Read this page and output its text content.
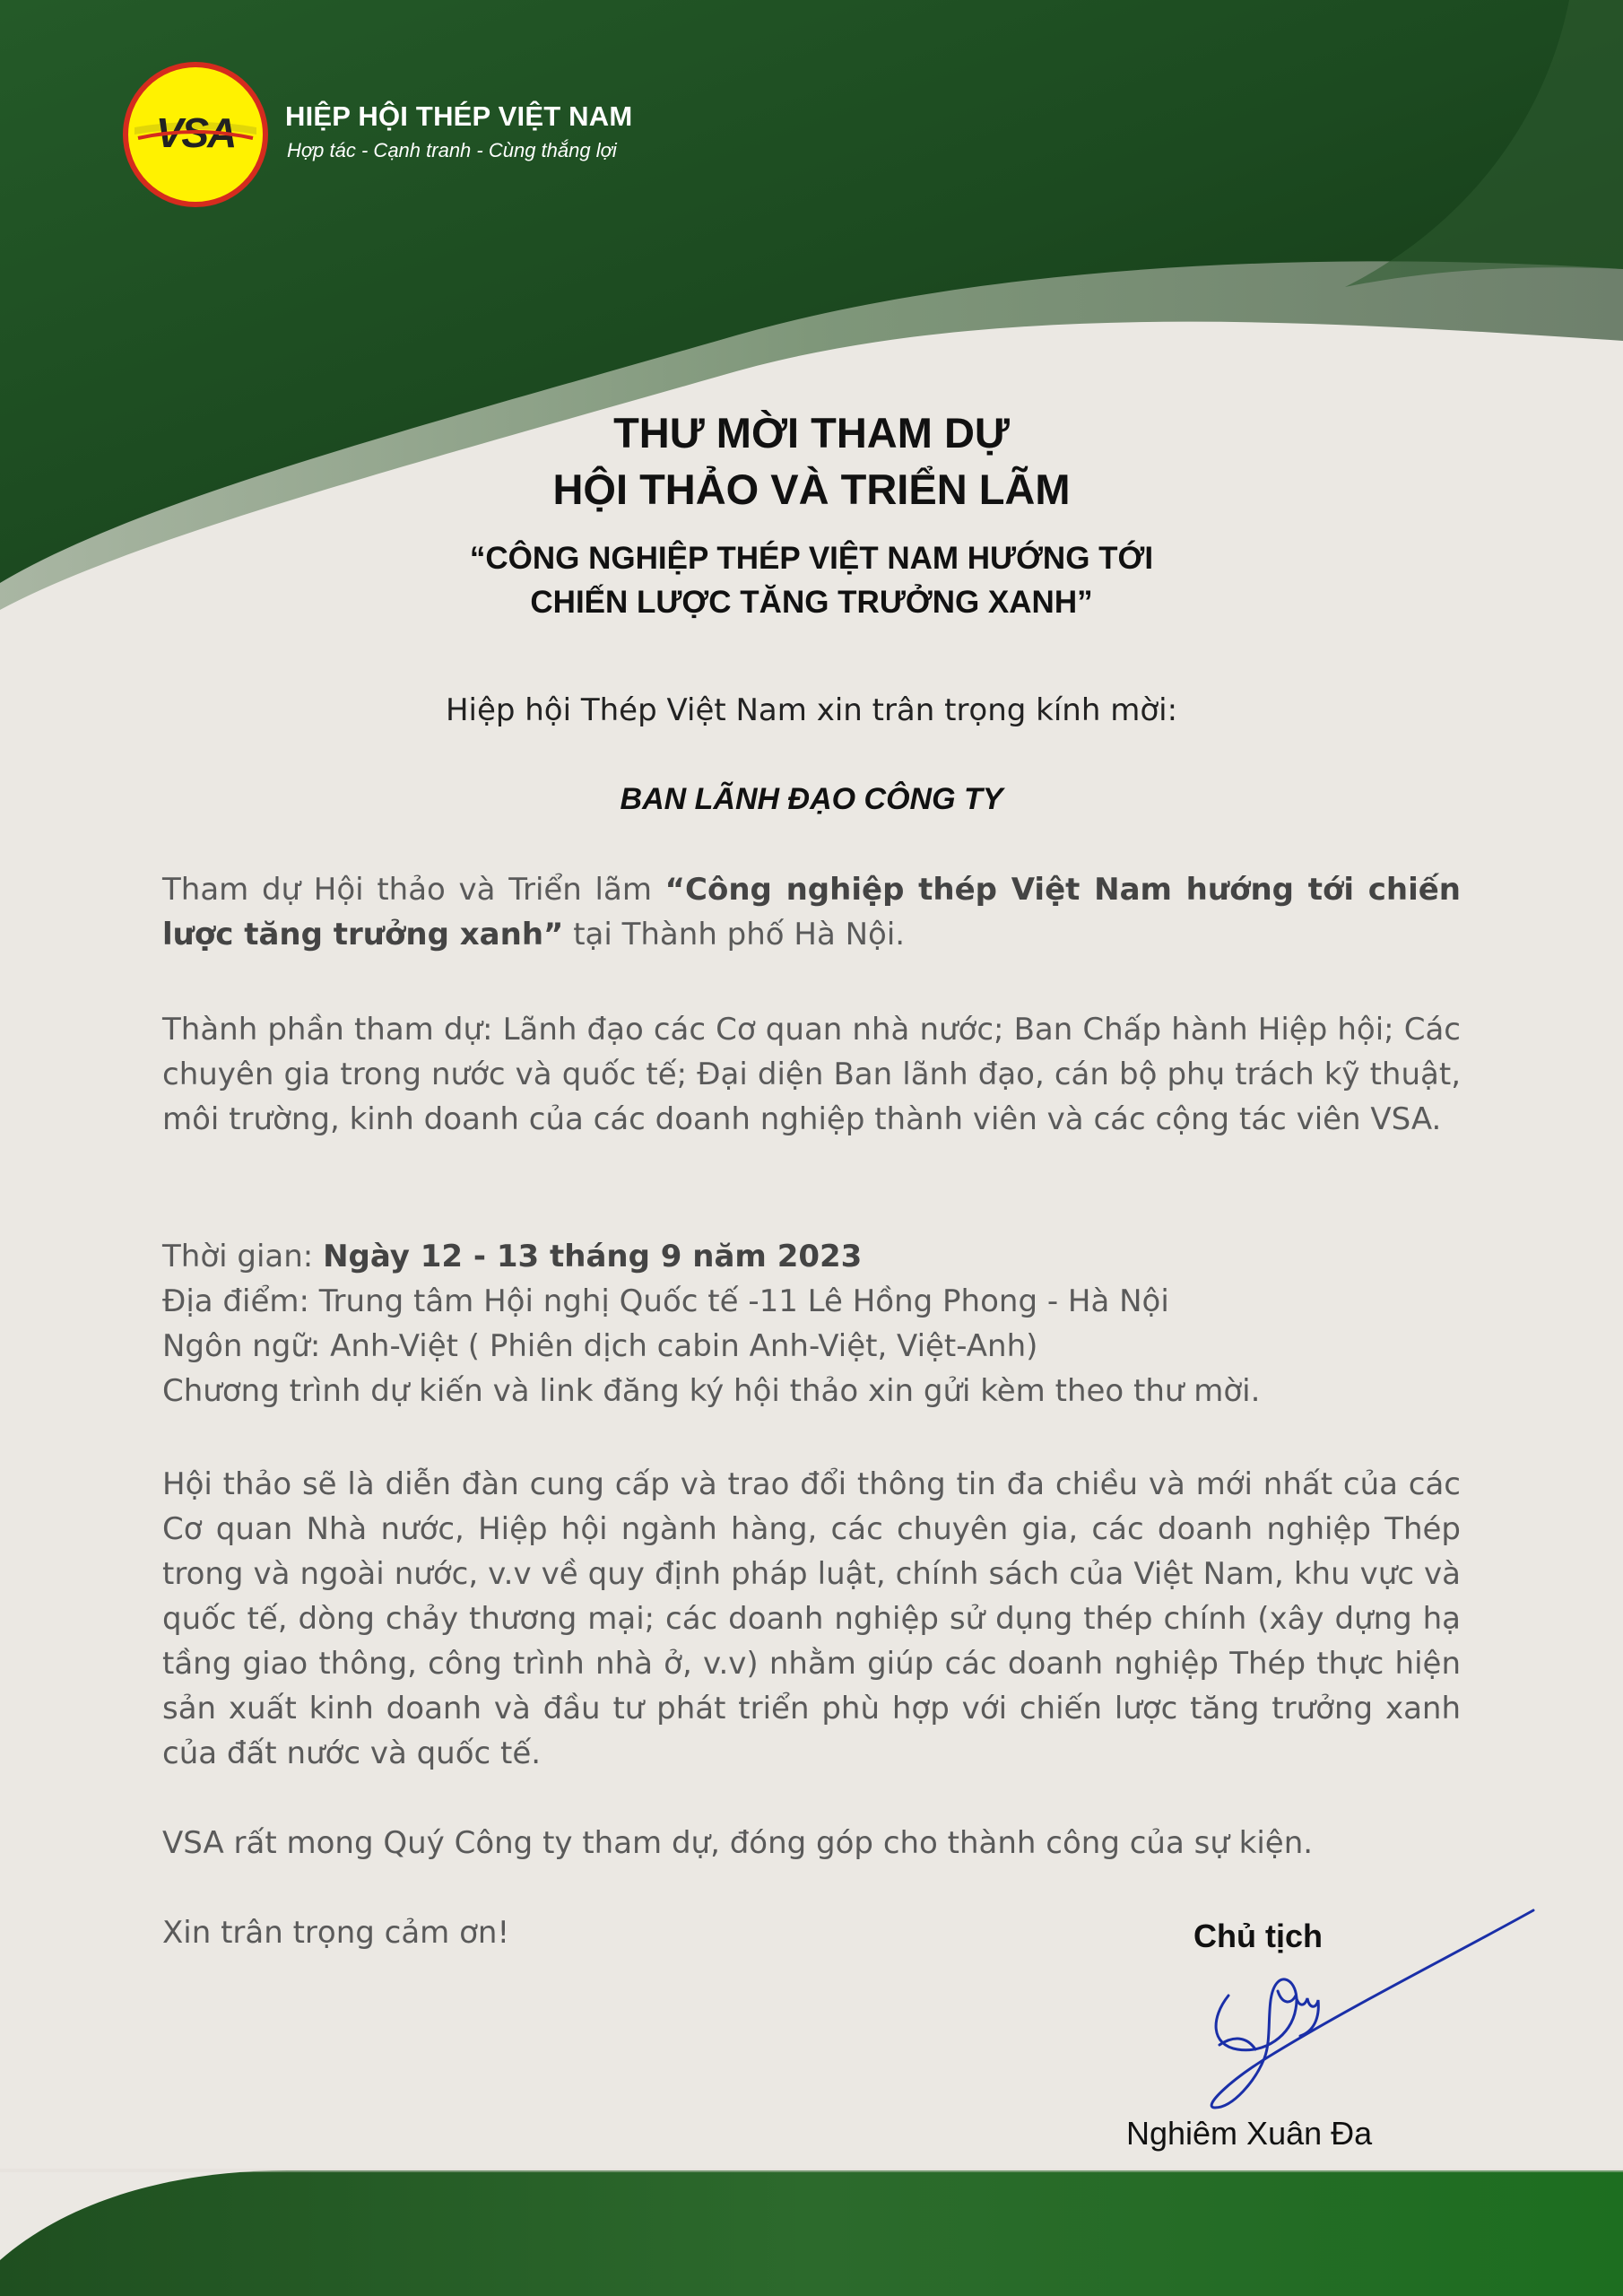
VSA HIỆP HỘI THÉP VIỆT NAM
Hợp tác - Cạnh tranh - Cùng thắng lợi
THƯ MỜI THAM DỰ
HỘI THẢO VÀ TRIỂN LÃM
“CÔNG NGHIỆP THÉP VIỆT NAM HƯỚNG TỚI
CHIẾN LƯỢC TĂNG TRƯỞNG XANH”
Hiệp hội Thép Việt Nam xin trân trọng kính mời:
BAN LÃNH ĐẠO CÔNG TY
Tham dự Hội thảo và Triển lãm “Công nghiệp thép Việt Nam hướng tới chiến lược tăng trưởng xanh” tại Thành phố Hà Nội.
Thành phần tham dự: Lãnh đạo các Cơ quan nhà nước; Ban Chấp hành Hiệp hội; Các chuyên gia trong nước và quốc tế; Đại diện Ban lãnh đạo, cán bộ phụ trách kỹ thuật, môi trường, kinh doanh của các doanh nghiệp thành viên và các cộng tác viên VSA.
Thời gian: Ngày 12 - 13 tháng 9 năm 2023
Địa điểm: Trung tâm Hội nghị Quốc tế -11 Lê Hồng Phong - Hà Nội
Ngôn ngữ: Anh-Việt ( Phiên dịch cabin Anh-Việt, Việt-Anh)
Chương trình dự kiến và link đăng ký hội thảo xin gửi kèm theo thư mời.
Hội thảo sẽ là diễn đàn cung cấp và trao đổi thông tin đa chiều và mới nhất của các Cơ quan Nhà nước, Hiệp hội ngành hàng, các chuyên gia, các doanh nghiệp Thép trong và ngoài nước, v.v về quy định pháp luật, chính sách của Việt Nam, khu vực và quốc tế, dòng chảy thương mại; các doanh nghiệp sử dụng thép chính (xây dựng hạ tầng giao thông, công trình nhà ở, v.v) nhằm giúp các doanh nghiệp Thép thực hiện sản xuất kinh doanh và đầu tư phát triển phù hợp với chiến lược tăng trưởng xanh của đất nước và quốc tế.
VSA rất mong Quý Công ty tham dự, đóng góp cho thành công của sự kiện.
Xin trân trọng cảm ơn!	Chủ tịch
Nghiêm Xuân Đa
